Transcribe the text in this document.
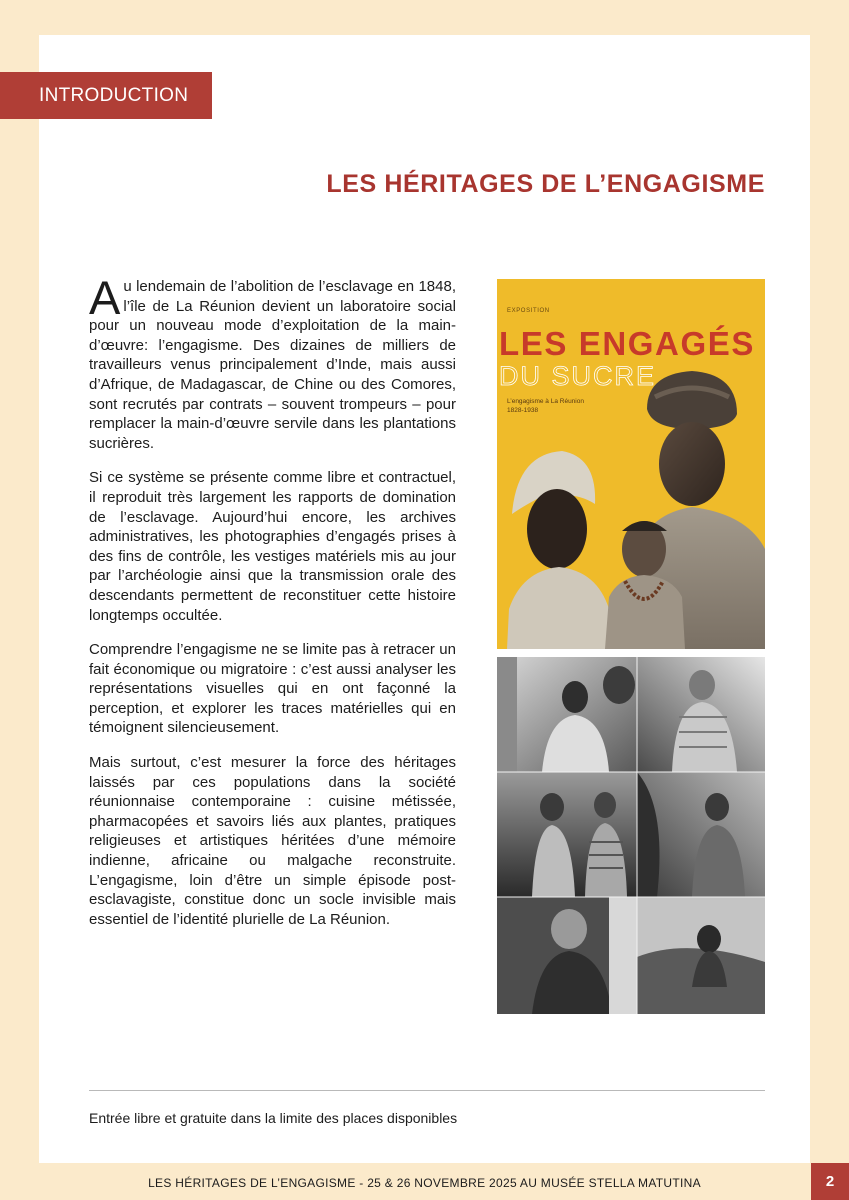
INTRODUCTION
LES HÉRITAGES DE L’ENGAGISME

Au lendemain de l’abolition de l’esclavage en 1848, l’île de La Réunion devient un laboratoire social pour un nouveau mode d’exploitation de la main-d’œuvre: l’engagisme. Des dizaines de milliers de travailleurs venus principalement d’Inde, mais aussi d’Afrique, de Madagascar, de Chine ou des Comores, sont recrutés par contrats – souvent trompeurs – pour remplacer la main-d’œuvre servile dans les plantations sucrières.

Si ce système se présente comme libre et contractuel, il reproduit très largement les rapports de domination de l’esclavage. Aujourd’hui encore, les archives administratives, les photographies d’engagés prises à des fins de contrôle, les vestiges matériels mis au jour par l’archéologie ainsi que la transmission orale des descendants permettent de reconstituer cette histoire longtemps occultée.

Comprendre l’engagisme ne se limite pas à retracer un fait économique ou migratoire : c’est aussi analyser les représentations visuelles qui en ont façonné la perception, et explorer les traces matérielles qui en témoignent silencieusement.

Mais surtout, c’est mesurer la force des héritages laissés par ces populations dans la société réunionnaise contemporaine : cuisine métissée, pharmacopées et savoirs liés aux plantes, pratiques religieuses et artistiques héritées d’une mémoire indienne, africaine ou malgache reconstruite. L’engagisme, loin d’être un simple épisode post-esclavagiste, constitue donc un socle invisible mais essentiel de l’identité plurielle de La Réunion.

EXPOSITION
LES ENGAGÉS
DU SUCRE
L’engagisme à La Réunion
1828-1938
Entrée libre et gratuite dans la limite des places disponibles
LES HÉRITAGES DE L’ENGAGISME - 25 & 26 NOVEMBRE 2025 AU MUSÉE STELLA MATUTINA	2
